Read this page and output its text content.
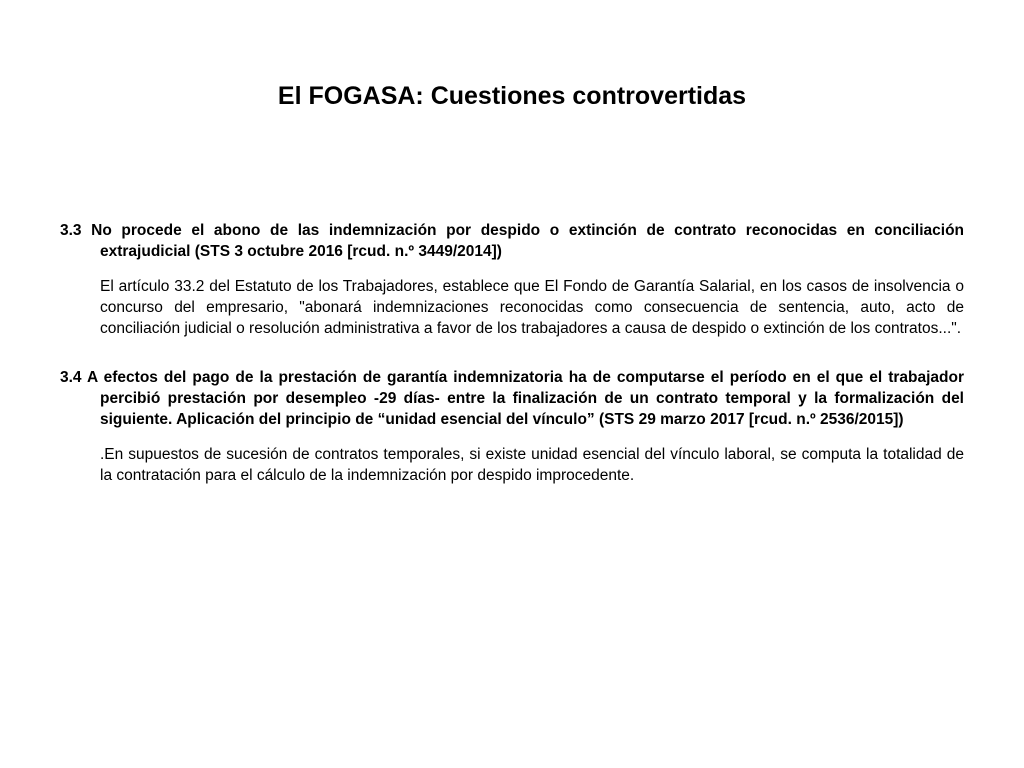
El FOGASA: Cuestiones controvertidas

3.3 No procede el abono de las indemnización por despido o extinción de contrato reconocidas en conciliación extrajudicial (STS 3 octubre 2016 [rcud. n.º 3449/2014])

El artículo 33.2 del Estatuto de los Trabajadores, establece que El Fondo de Garantía Salarial, en los casos de insolvencia o concurso del empresario, "abonará indemnizaciones reconocidas como consecuencia de sentencia, auto, acto de conciliación judicial o resolución administrativa a favor de los trabajadores a causa de despido o extinción de los contratos...".

3.4 A efectos del pago de la prestación de garantía indemnizatoria ha de computarse el período en el que el trabajador percibió prestación por desempleo -29 días- entre la finalización de un contrato temporal y la formalización del siguiente. Aplicación del principio de “unidad esencial del vínculo” (STS 29 marzo 2017 [rcud. n.º 2536/2015])

.En supuestos de sucesión de contratos temporales, si existe unidad esencial del vínculo laboral, se computa la totalidad de la contratación para el cálculo de la indemnización por despido improcedente.
